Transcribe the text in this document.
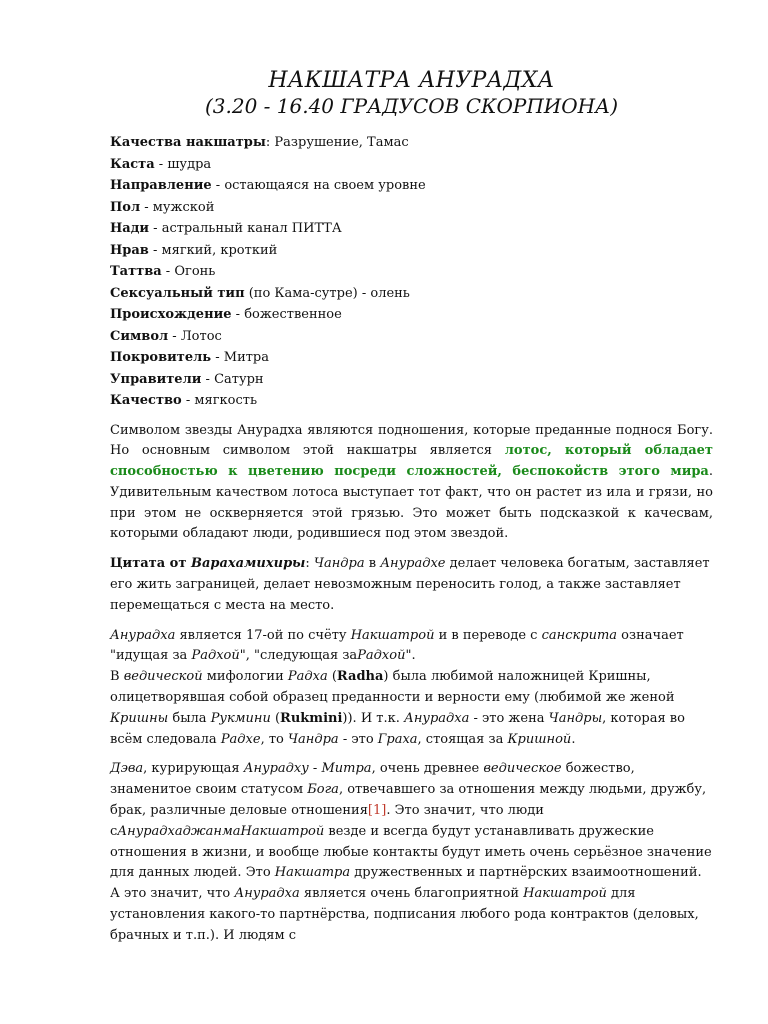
НАКШАТРА АНУРАДХА
(3.20 - 16.40 ГРАДУСОВ СКОРПИОНА)
Качества накшатры: Разрушение, Тамас
Каста - шудра
Направление - остающаяся на своем уровне
Пол - мужской
Нади - астральный канал ПИТТА
Нрав - мягкий, кроткий
Таттва - Огонь
Сексуальный тип (по Кама-сутре) - олень
Происхождение - божественное
Символ - Лотос
Покровитель - Митра
Управители - Сатурн
Качество - мягкость

Символом звезды Анурадха являются подношения, которые преданные поднося Богу. Но основным символом этой накшатры является лотос, который обладает способностью к цветению посреди сложностей, беспокойств этого мира. Удивительным качеством лотоса выступает тот факт, что он растет из ила и грязи, но при этом не оскверняется этой грязью. Это может быть подсказкой к качесвам, которыми обладают люди, родившиеся под этом звездой.

Цитата от Варахамихиры: Чандра в Анурадхе делает человека богатым, заставляет его жить заграницей, делает невозможным переносить голод, а также заставляет перемещаться с места на место.

Анурадха является 17-ой по счёту Накшатрой и в переводе с санскрита означает "идущая за Радхой", "следующая заРадхой".

В ведической мифологии Радха (Radha) была любимой наложницей Кришны, олицетворявшая собой образец преданности и верности ему (любимой же женой Кришны была Рукмини (Rukmini)). И т.к. Анурадха - это жена Чандры, которая во всём следовала Радхе, то Чандра - это Граха, стоящая за Кришной.

Дэва, курирующая Анурадху - Митра, очень древнее ведическое божество, знаменитое своим статусом Бога, отвечавшего за отношения между людьми, дружбу, брак, различные деловые отношения[1]. Это значит, что люди сАнурадхаджанмаНакшатрой везде и всегда будут устанавливать дружеские отношения в жизни, и вообще любые контакты будут иметь очень серьёзное значение для данных людей. Это Накшатра дружественных и партнёрских взаимоотношений. А это значит, что Анурадха является очень благоприятной Накшатрой для установления какого-то партнёрства, подписания любого рода контрактов (деловых, брачных и т.п.). И людям с
